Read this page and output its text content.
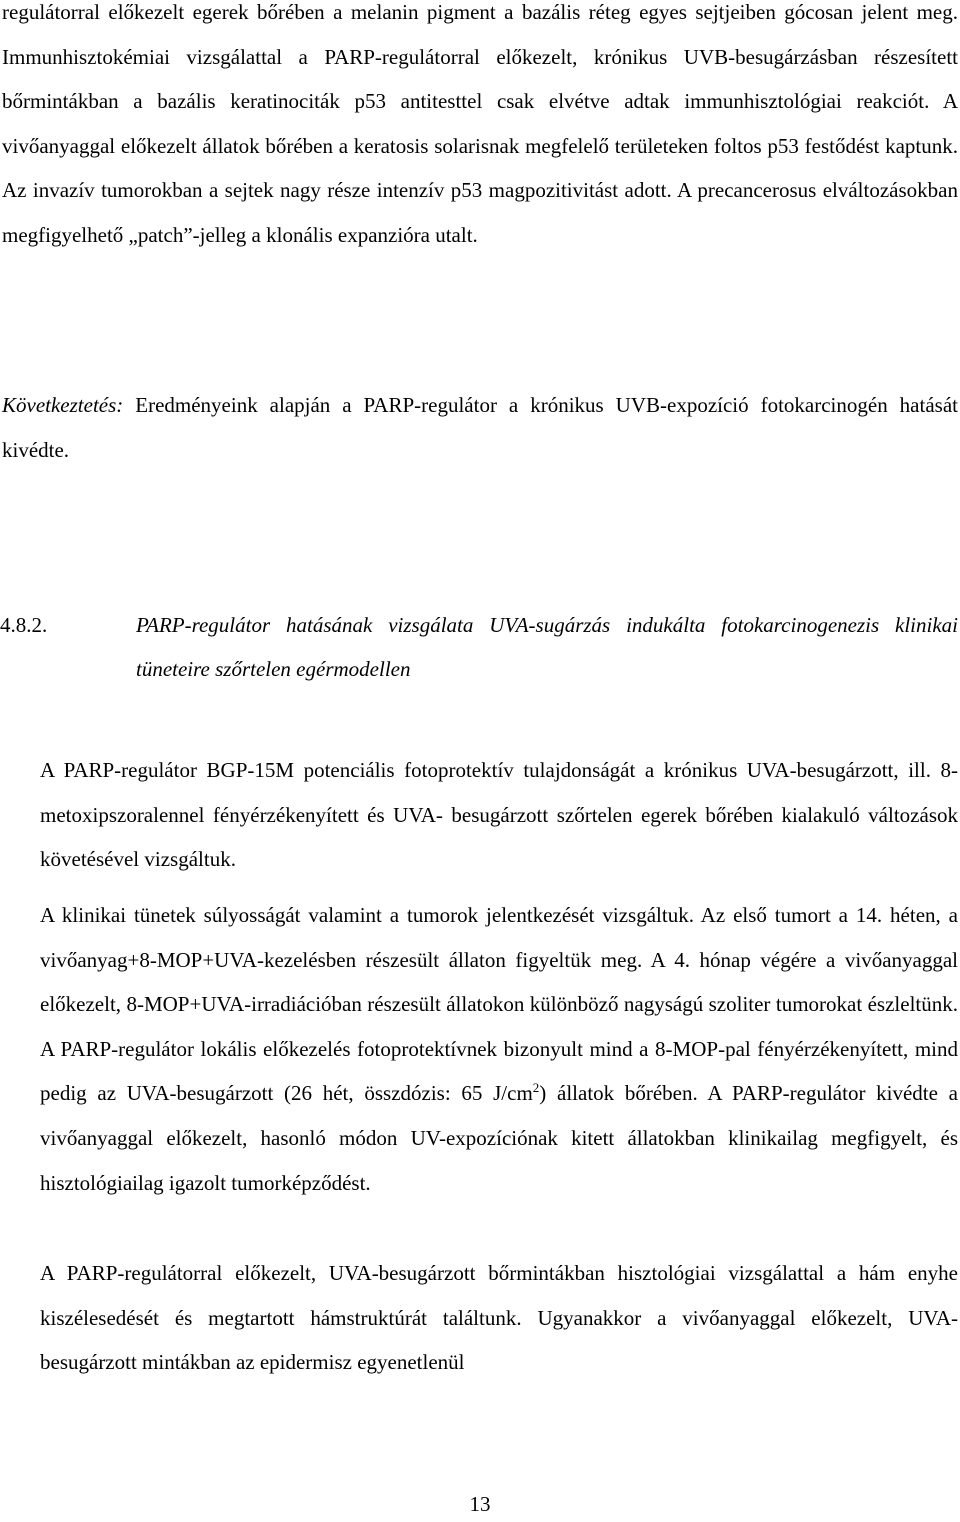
regulátorral előkezelt egerek bőrében a melanin pigment a bazális réteg egyes sejtjeiben gócosan jelent meg. Immunhisztokémiai vizsgálattal a PARP-regulátorral előkezelt, krónikus UVB-besugárzásban részesített bőrmintákban a bazális keratinociták p53 antitesttel csak elvétve adtak immunhisztológiai reakciót. A vivőanyaggal előkezelt állatok bőrében a keratosis solarisnak megfelelő területeken foltos p53 festődést kaptunk. Az invazív tumorokban a sejtek nagy része intenzív p53 magpozitivitást adott. A precancerosus elváltozásokban megfigyelhető „patch”-jelleg a klonális expanzióra utalt.

Következtetés: Eredményeink alapján a PARP-regulátor a krónikus UVB-expozíció fotokarcinogén hatását kivédte.

4.8.2.	PARP-regulátor hatásának vizsgálata UVA-sugárzás indukálta fotokarcinogenezis klinikai tüneteire szőrtelen egérmodellen

A PARP-regulátor BGP-15M potenciális fotoprotektív tulajdonságát a krónikus UVA-besugárzott, ill. 8-metoxipszoralennel fényérzékenyített és UVA- besugárzott szőrtelen egerek bőrében kialakuló változások követésével vizsgáltuk.

A klinikai tünetek súlyosságát valamint a tumorok jelentkezését vizsgáltuk. Az első tumort a 14. héten, a vivőanyag+8-MOP+UVA-kezelésben részesült állaton figyeltük meg. A 4. hónap végére a vivőanyaggal előkezelt, 8-MOP+UVA-irradiációban részesült állatokon különböző nagyságú szoliter tumorokat észleltünk. A PARP-regulátor lokális előkezelés fotoprotektívnek bizonyult mind a 8-MOP-pal fényérzékenyített, mind pedig az UVA-besugárzott (26 hét, összdózis: 65 $J/cm^2$) állatok bőrében. A PARP-regulátor kivédte a vivőanyaggal előkezelt, hasonló módon UV-expozíciónak kitett állatokban klinikailag megfigyelt, és hisztológiailag igazolt tumorképződést.

A PARP-regulátorral előkezelt, UVA-besugárzott bőrmintákban hisztológiai vizsgálattal a hám enyhe kiszélesedését és megtartott hámstruktúrát találtunk. Ugyanakkor a vivőanyaggal előkezelt, UVA-besugárzott mintákban az epidermisz egyenetlenül

13
